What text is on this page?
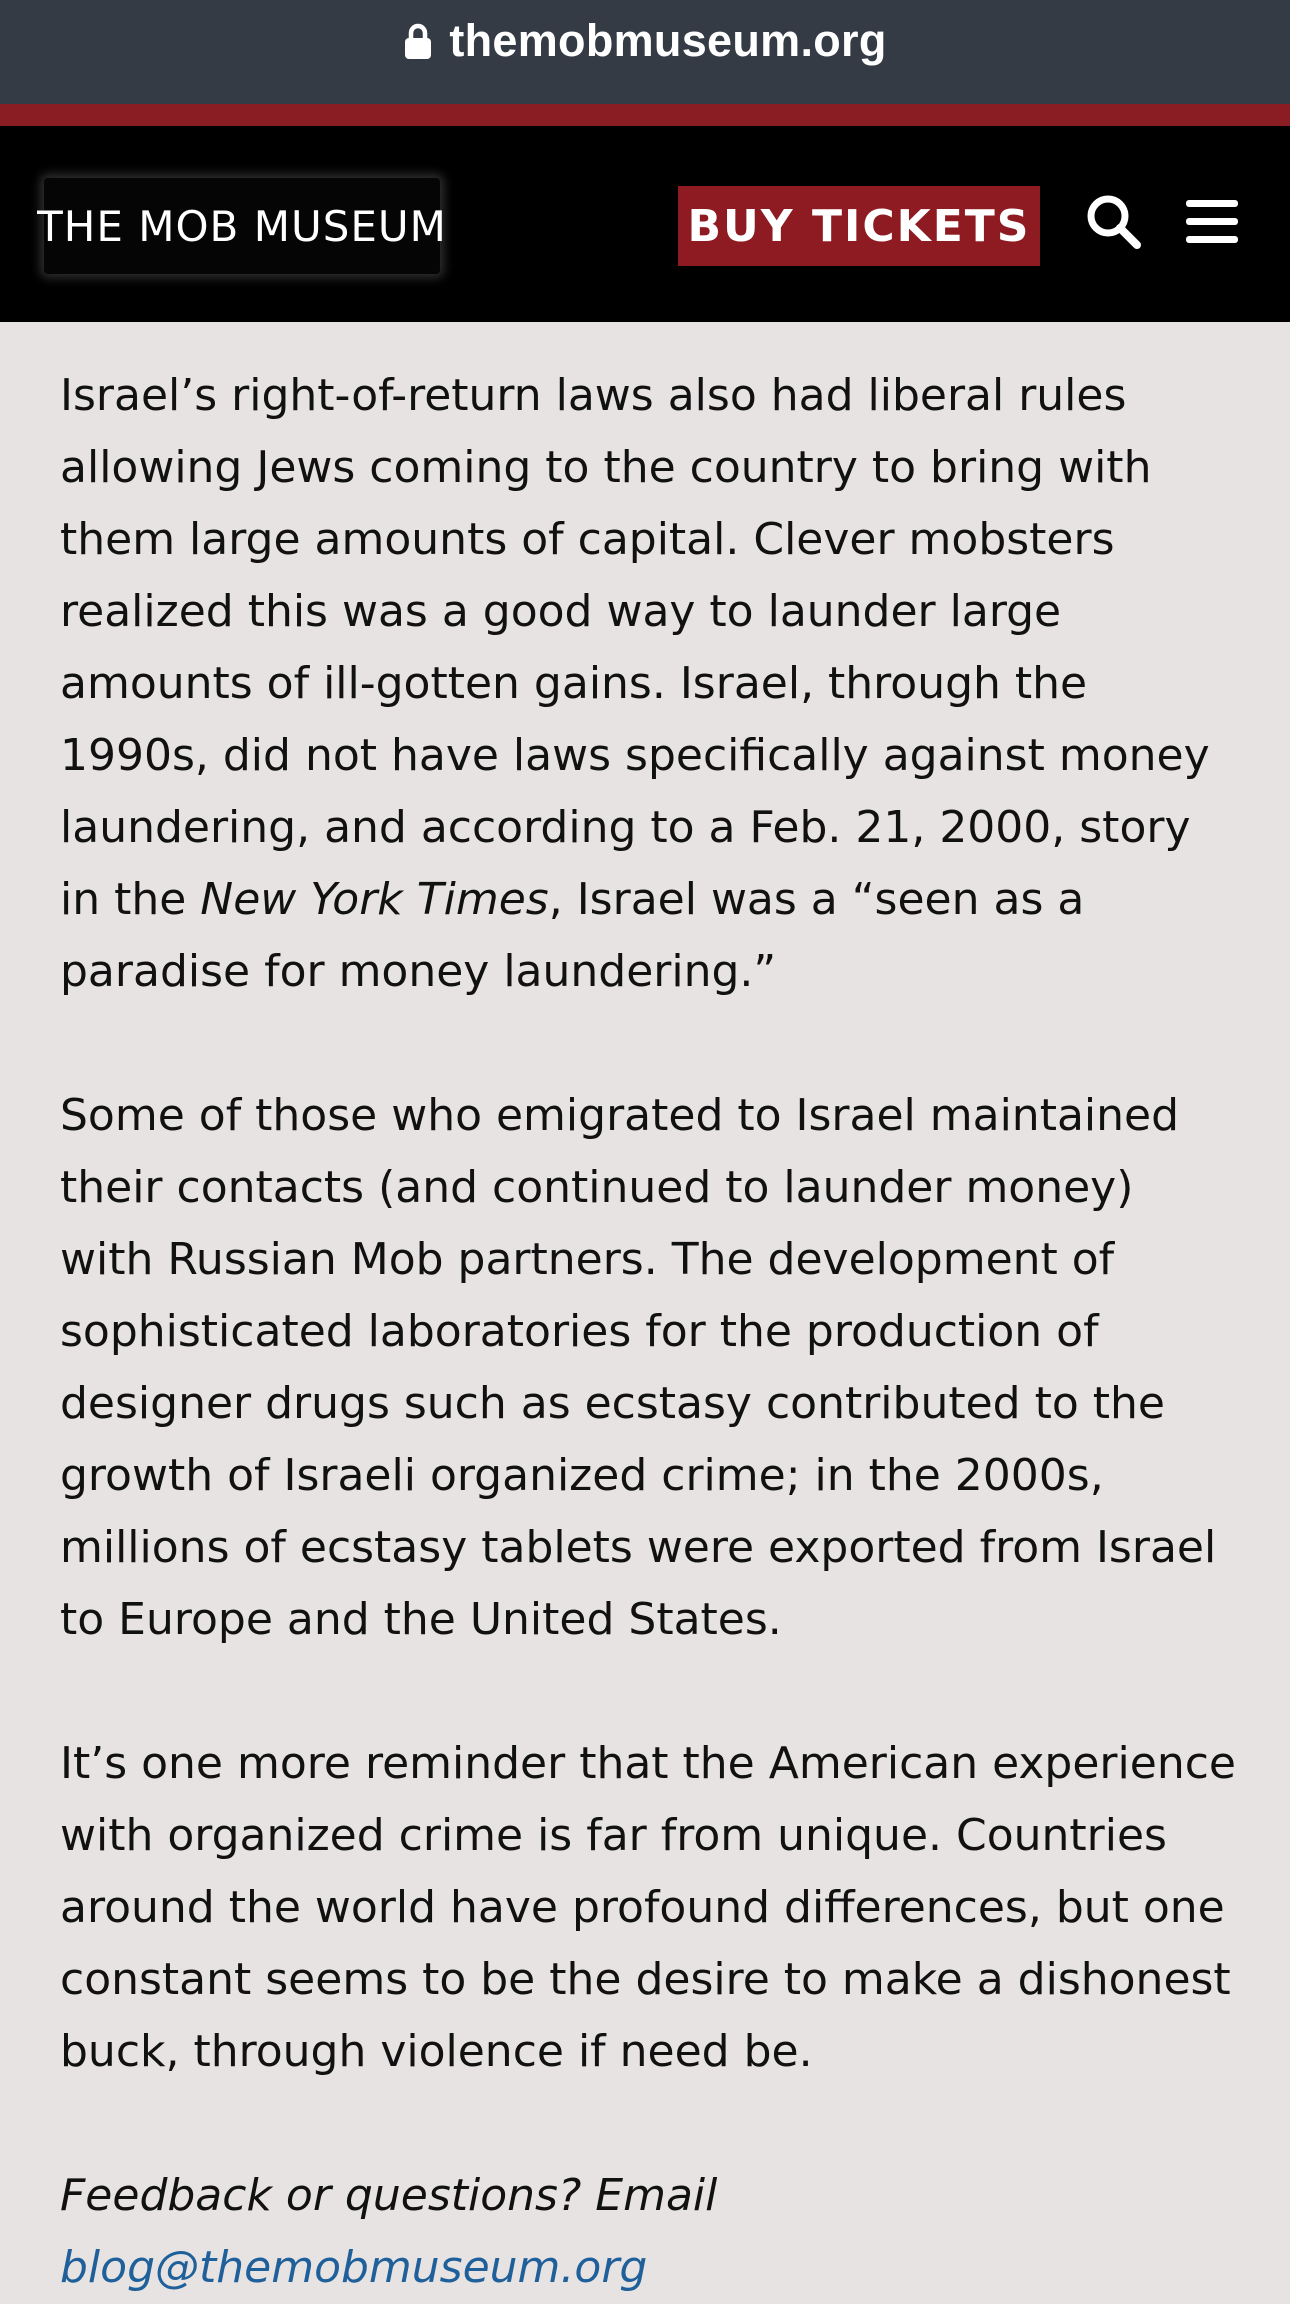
themobmuseum.org
THE MOB MUSEUM	BUY TICKETS

Israel’s right-of-return laws also had liberal rules allowing Jews coming to the country to bring with them large amounts of capital. Clever mobsters realized this was a good way to launder large amounts of ill-gotten gains. Israel, through the 1990s, did not have laws specifically against money laundering, and according to a Feb. 21, 2000, story in the New York Times, Israel was a “seen as a paradise for money laundering.”

Some of those who emigrated to Israel maintained their contacts (and continued to launder money) with Russian Mob partners. The development of sophisticated laboratories for the production of designer drugs such as ecstasy contributed to the growth of Israeli organized crime; in the 2000s, millions of ecstasy tablets were exported from Israel to Europe and the United States.

It’s one more reminder that the American experience with organized crime is far from unique. Countries around the world have profound differences, but one constant seems to be the desire to make a dishonest buck, through violence if need be.

Feedback or questions? Email
blog@themobmuseum.org
